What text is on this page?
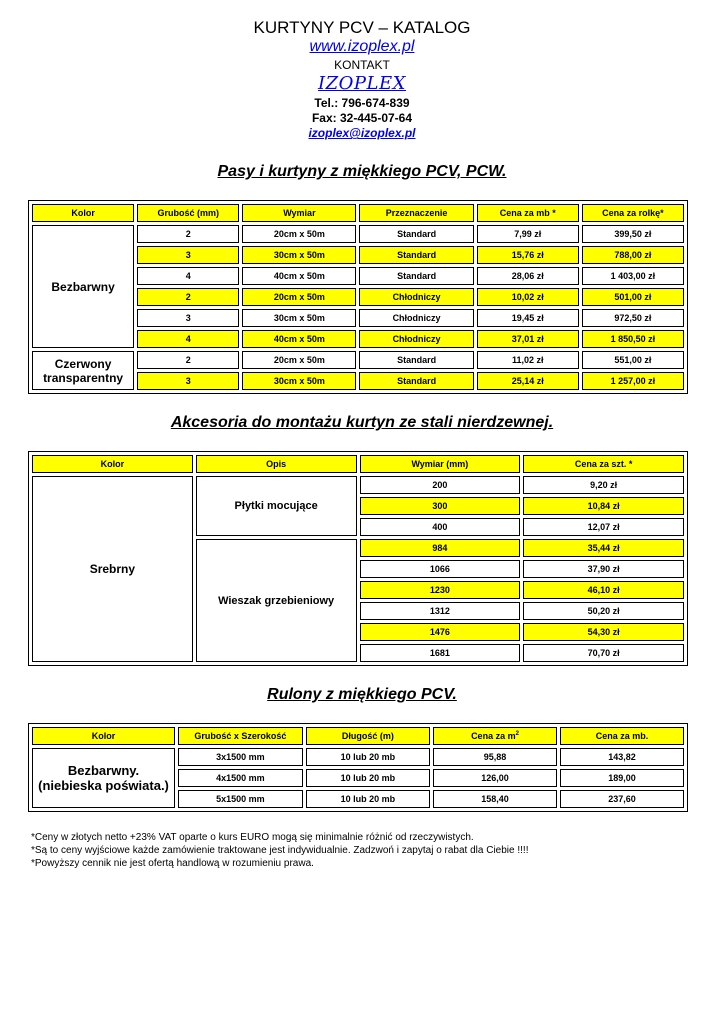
KURTYNY PCV – KATALOG
www.izoplex.pl
KONTAKT
IZOPLEX
Tel.: 796-674-839
Fax: 32-445-07-64
izoplex@izoplex.pl
Pasy i kurtyny z miękkiego PCV, PCW.
Kolor	Grubość (mm)	Wymiar	Przeznaczenie	Cena za mb *	Cena za rolkę*
Bezbarwny	2	20cm x 50m	Standard	7,99 zł	399,50 zł
	3	30cm x 50m	Standard	15,76 zł	788,00 zł
	4	40cm x 50m	Standard	28,06 zł	1 403,00 zł
	2	20cm x 50m	Chłodniczy	10,02 zł	501,00 zł
	3	30cm x 50m	Chłodniczy	19,45 zł	972,50 zł
	4	40cm x 50m	Chłodniczy	37,01 zł	1 850,50 zł
Czerwony transparentny	2	20cm x 50m	Standard	11,02 zł	551,00 zł
	3	30cm x 50m	Standard	25,14 zł	1 257,00 zł
Akcesoria do montażu kurtyn ze stali nierdzewnej.
Kolor	Opis	Wymiar (mm)	Cena za szt. *
Srebrny	Płytki mocujące	200	9,20 zł
		300	10,84 zł
		400	12,07 zł
	Wieszak grzebieniowy	984	35,44 zł
		1066	37,90 zł
		1230	46,10 zł
		1312	50,20 zł
		1476	54,30 zł
		1681	70,70 zł
Rulony z miękkiego PCV.
Kolor	Grubość x Szerokość	Długość (m)	Cena za $m^2$	Cena za mb.
Bezbarwny.
(niebieska poświata.)	3x1500 mm	10 lub 20 mb	95,88	143,82
	4x1500 mm	10 lub 20 mb	126,00	189,00
	5x1500 mm	10 lub 20 mb	158,40	237,60
*Ceny w złotych netto +23% VAT oparte o kurs EURO mogą się minimalnie różnić od rzeczywistych.
*Są to ceny wyjściowe każde zamówienie traktowane jest indywidualnie. Zadzwoń i zapytaj o rabat dla Ciebie !!!!
*Powyższy cennik nie jest ofertą handlową w rozumieniu prawa.
